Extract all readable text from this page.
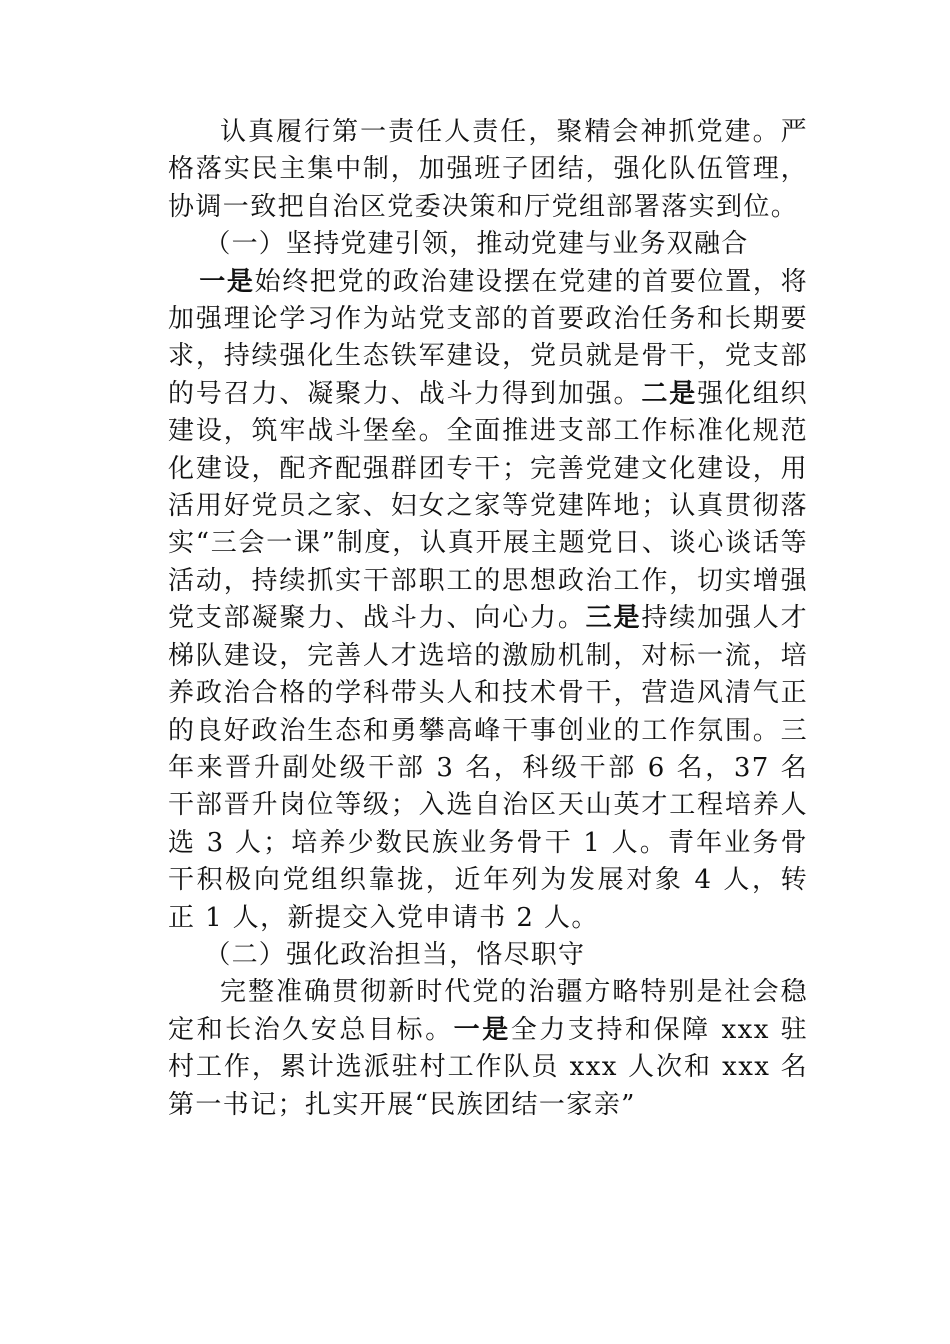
认真履行第一责任人责任，聚精会神抓党建。严格落实民主集中制，加强班子团结，强化队伍管理，协调一致把自治区党委决策和厅党组部署落实到位。

（一）坚持党建引领，推动党建与业务双融合

一是始终把党的政治建设摆在党建的首要位置，将加强理论学习作为站党支部的首要政治任务和长期要求，持续强化生态铁军建设，党员就是骨干，党支部的号召力、凝聚力、战斗力得到加强。二是强化组织建设，筑牢战斗堡垒。全面推进支部工作标准化规范化建设，配齐配强群团专干；完善党建文化建设，用活用好党员之家、妇女之家等党建阵地；认真贯彻落实“三会一课”制度，认真开展主题党日、谈心谈话等活动，持续抓实干部职工的思想政治工作，切实增强党支部凝聚力、战斗力、向心力。三是持续加强人才梯队建设，完善人才选培的激励机制，对标一流，培养政治合格的学科带头人和技术骨干，营造风清气正的良好政治生态和勇攀高峰干事创业的工作氛围。三年来晋升副处级干部 3 名，科级干部 6 名，37 名干部晋升岗位等级；入选自治区天山英才工程培养人选 3 人；培养少数民族业务骨干 1 人。青年业务骨干积极向党组织靠拢，近年列为发展对象 4 人，转正 1 人，新提交入党申请书 2 人。

（二）强化政治担当，恪尽职守

完整准确贯彻新时代党的治疆方略特别是社会稳定和长治久安总目标。一是全力支持和保障 xxx 驻村工作，累计选派驻村工作队员 xxx 人次和 xxx 名第一书记；扎实开展“民族团结一家亲”
